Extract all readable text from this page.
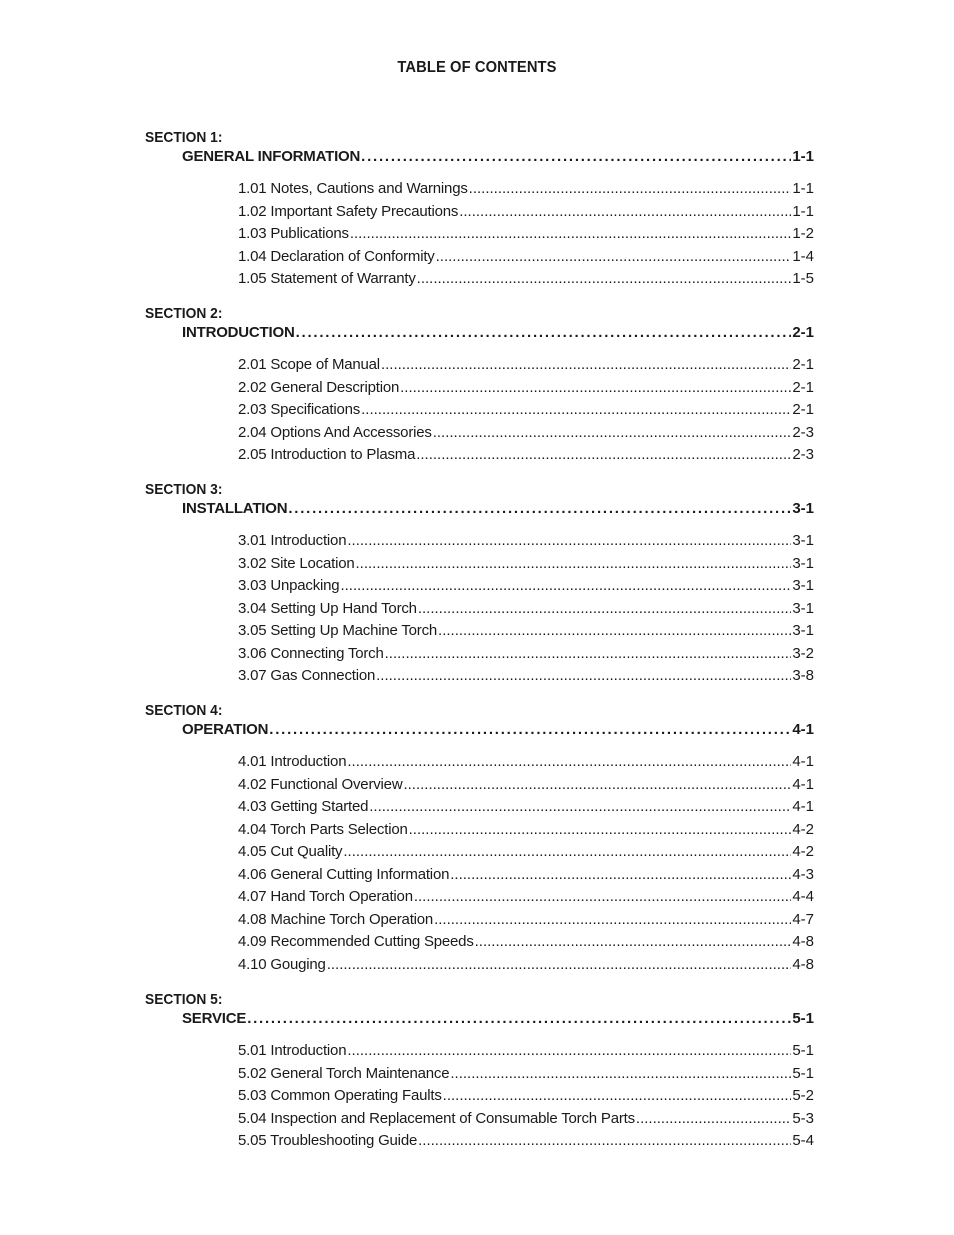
TABLE OF CONTENTS
SECTION 1:
GENERAL INFORMATION . . .	1-1
1.01 Notes, Cautions and Warnings .....	1-1
1.02 Important Safety Precautions .....	1-1
1.03 Publications .....	1-2
1.04 Declaration of Conformity .....	1-4
1.05 Statement of Warranty .....	1-5
SECTION 2:
INTRODUCTION . . .	2-1
2.01 Scope of Manual .....	2-1
2.02 General Description .....	2-1
2.03 Specifications .....	2-1
2.04 Options And Accessories .....	2-3
2.05 Introduction to Plasma .....	2-3
SECTION 3:
INSTALLATION . . .	3-1
3.01 Introduction .....	3-1
3.02 Site Location .....	3-1
3.03 Unpacking .....	3-1
3.04 Setting Up Hand Torch .....	3-1
3.05 Setting Up Machine Torch .....	3-1
3.06 Connecting Torch .....	3-2
3.07 Gas Connection .....	3-8
SECTION 4:
OPERATION . . .	4-1
4.01 Introduction .....	4-1
4.02 Functional Overview .....	4-1
4.03 Getting Started .....	4-1
4.04 Torch Parts Selection .....	4-2
4.05 Cut Quality .....	4-2
4.06 General Cutting Information .....	4-3
4.07 Hand Torch Operation .....	4-4
4.08 Machine Torch Operation .....	4-7
4.09 Recommended Cutting Speeds .....	4-8
4.10 Gouging .....	4-8
SECTION 5:
SERVICE . . .	5-1
5.01 Introduction .....	5-1
5.02 General Torch Maintenance .....	5-1
5.03 Common Operating Faults .....	5-2
5.04 Inspection and Replacement of Consumable Torch Parts .....	5-3
5.05 Troubleshooting Guide .....	5-4
